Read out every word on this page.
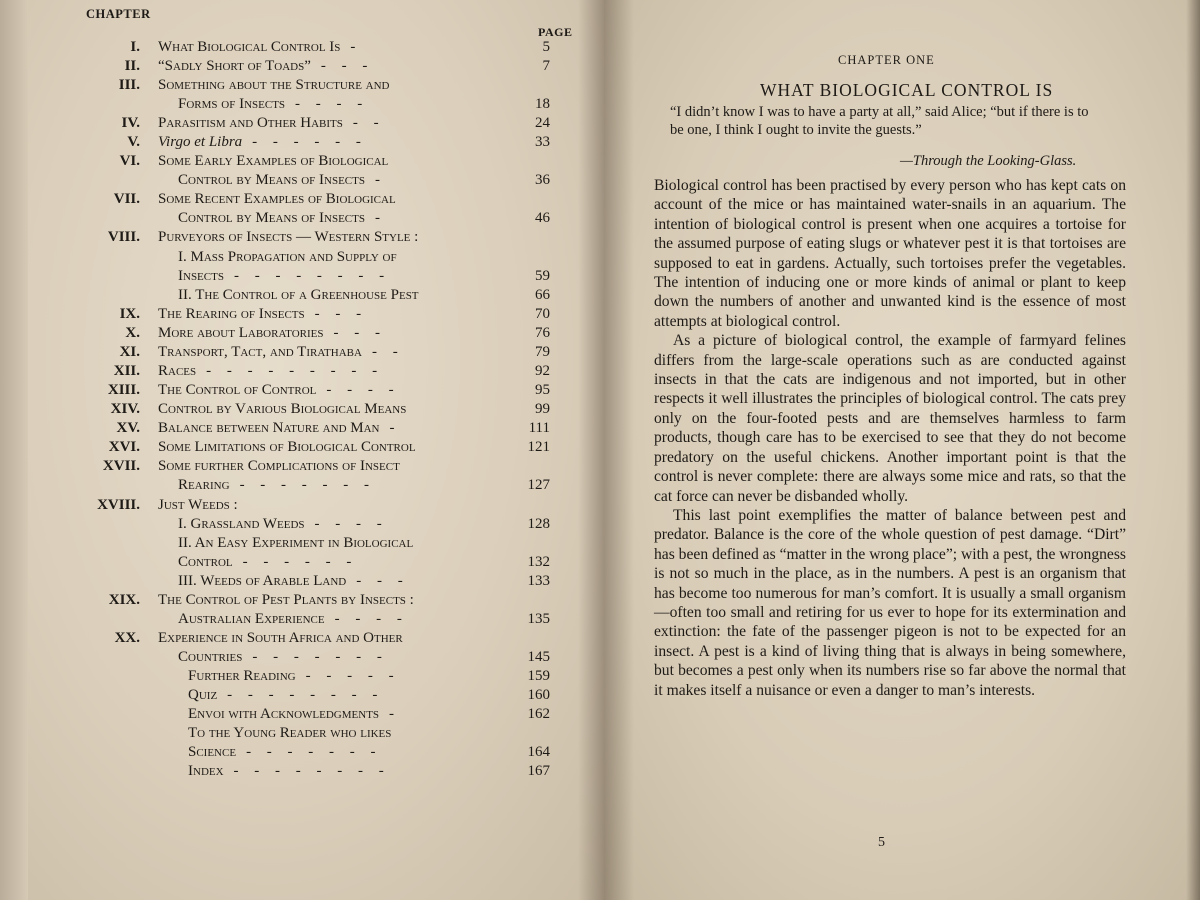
CHAPTER
PAGE
I. What Biological Control Is -	5
II. “Sadly Short of Toads” - - -	7
III. Something about the Structure and
Forms of Insects - - - -	18
IV. Parasitism and Other Habits - -	24
V. Virgo et Libra - - - - - -	33
VI. Some Early Examples of Biological
Control by Means of Insects -	36
VII. Some Recent Examples of Biological
Control by Means of Insects -	46
VIII. Purveyors of Insects — Western Style :
I. Mass Propagation and Supply of
Insects - - - - - - - -	59
II. The Control of a Greenhouse Pest	66
IX. The Rearing of Insects - - -	70
X. More about Laboratories - - -	76
XI. Transport, Tact, and Tirathaba - -	79
XII. Races - - - - - - - - -	92
XIII. The Control of Control - - - -	95
XIV. Control by Various Biological Means	99
XV. Balance between Nature and Man -	111
XVI. Some Limitations of Biological Control	121
XVII. Some further Complications of Insect
Rearing - - - - - - -	127
XVIII. Just Weeds :
I. Grassland Weeds - - - -	128
II. An Easy Experiment in Biological
Control - - - - - -	132
III. Weeds of Arable Land - - -	133
XIX. The Control of Pest Plants by Insects :
Australian Experience - - - -	135
XX. Experience in South Africa and Other
Countries - - - - - - -	145
Further Reading - - - - -	159
Quiz - - - - - - - -	160
Envoi with Acknowledgments -	162
To the Young Reader who likes
Science - - - - - - -	164
Index - - - - - - - -	167
CHAPTER ONE
WHAT BIOLOGICAL CONTROL IS
“I didn’t know I was to have a party at all,” said Alice; “but if there is to be one, I think I ought to invite the guests.”
—Through the Looking-Glass.

Biological control has been practised by every person who has kept cats on account of the mice or has maintained water-snails in an aquarium. The intention of biological control is present when one acquires a tortoise for the assumed purpose of eating slugs or whatever pest it is that tortoises are supposed to eat in gardens. Actually, such tortoises prefer the vegetables. The intention of inducing one or more kinds of animal or plant to keep down the numbers of another and unwanted kind is the essence of most attempts at biological control.

As a picture of biological control, the example of farmyard felines differs from the large-scale operations such as are conducted against insects in that the cats are indigenous and not imported, but in other respects it well illustrates the principles of biological control. The cats prey only on the four-footed pests and are themselves harmless to farm products, though care has to be exercised to see that they do not become predatory on the useful chickens. Another important point is that the control is never complete: there are always some mice and rats, so that the cat force can never be disbanded wholly.

This last point exemplifies the matter of balance between pest and predator. Balance is the core of the whole question of pest damage. “Dirt” has been defined as “matter in the wrong place”; with a pest, the wrongness is not so much in the place, as in the numbers. A pest is an organism that has become too numerous for man’s comfort. It is usually a small organism—often too small and retiring for us ever to hope for its extermination and extinction: the fate of the passenger pigeon is not to be expected for an insect. A pest is a kind of living thing that is always in being somewhere, but becomes a pest only when its numbers rise so far above the normal that it makes itself a nuisance or even a danger to man’s interests.

5
